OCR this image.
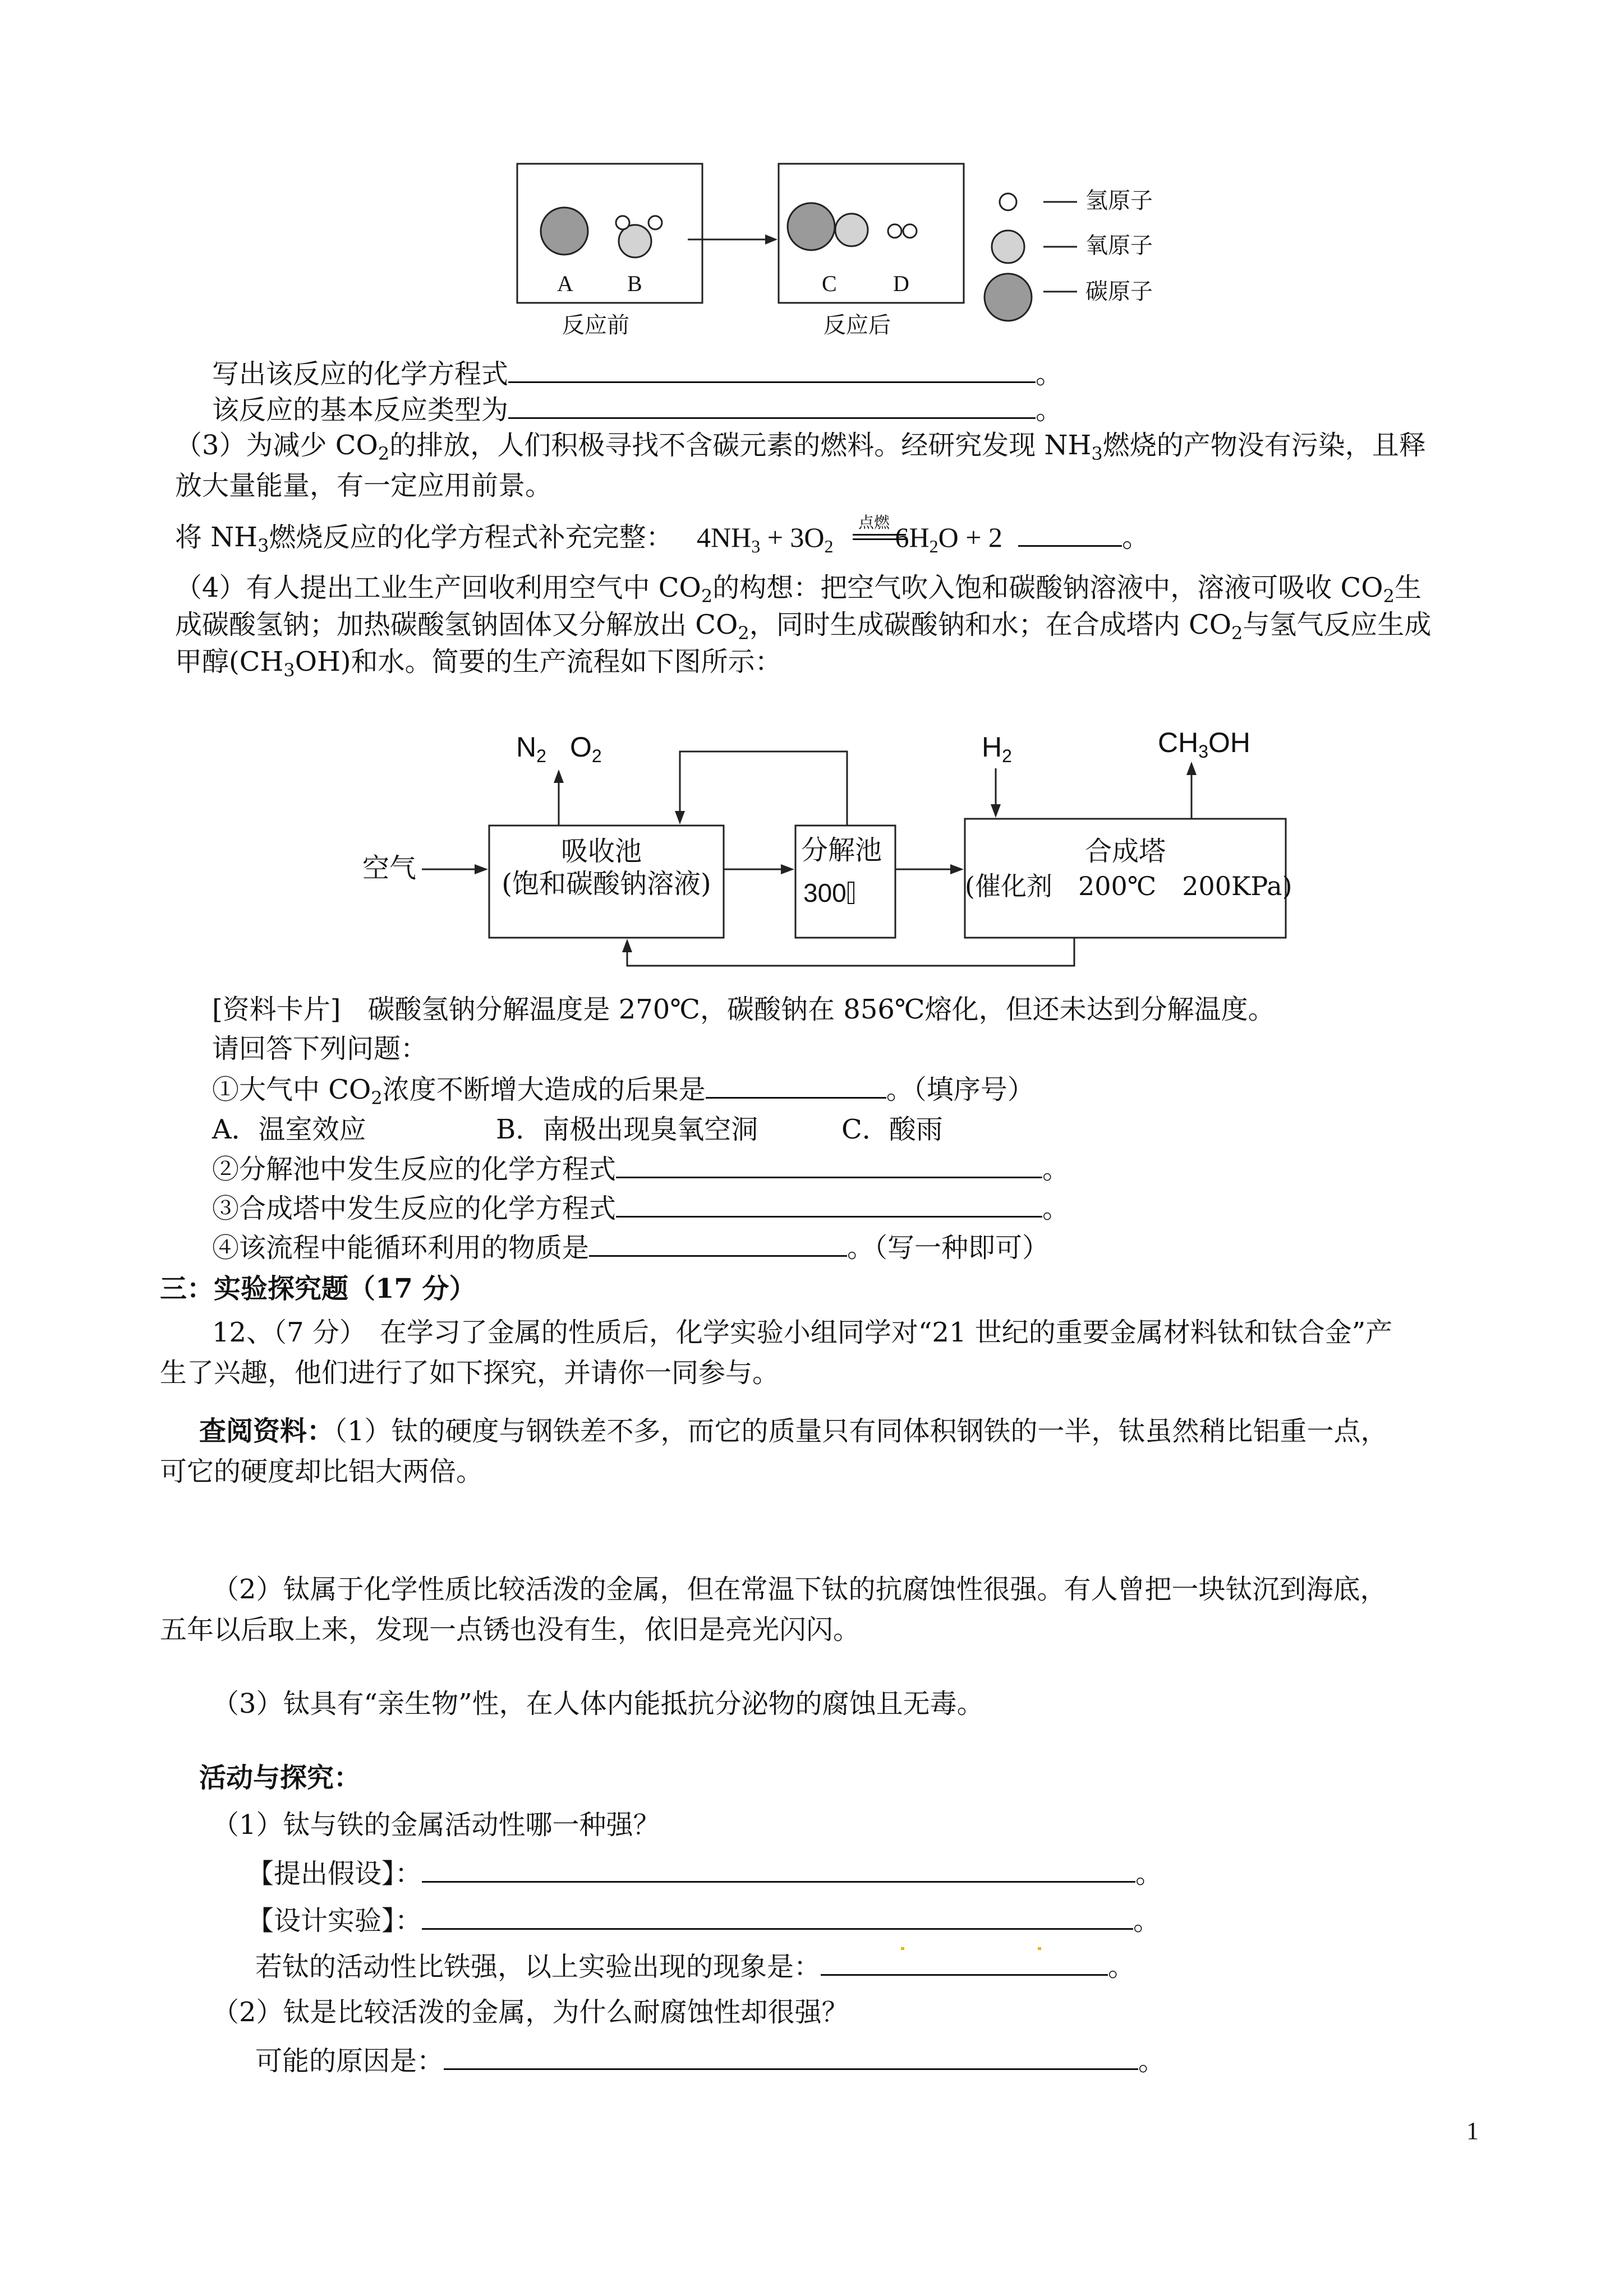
A B	C	D
反应前	反应后
氢原子
氧原子
碳原子
写出该反应的化学方程式	。
该反应的基本反应类型为	。
（3）为减少 $CO_2$的排放，人们积极寻找不含碳元素的燃料。经研究发现 $NH_3$燃烧的产物没有污染，且释
放大量能量，有一定应用前景。
将 $NH_3$燃烧反应的化学方程式补充完整： $4NH_3 + 3O_2$ $6H_2O + 2$	。
点燃
（4）有人提出工业生产回收利用空气中 $CO_2$的构想：把空气吹入饱和碳酸钠溶液中，溶液可吸收 $CO_2$生
成碳酸氢钠；加热碳酸氢钠固体又分解放出 $CO_2$，同时生成碳酸钠和水；在合成塔内 $CO_2$与氢气反应生成
甲醇$(CH_3OH)$和水。简要的生产流程如下图所示：
$N_2$ $O_2$	$H_2$	$CH_3OH$
空气
吸收池
(饱和碳酸钠溶液)
分解池
300
合成塔
(催化剂　200℃　200KPa)
[资料卡片]　碳酸氢钠分解温度是 270℃，碳酸钠在 856℃熔化，但还未达到分解温度。
请回答下列问题：
①大气中 $CO_2$浓度不断增大造成的后果是	。（填序号）
A．温室效应	B．南极出现臭氧空洞	C．酸雨
②分解池中发生反应的化学方程式	。
③合成塔中发生反应的化学方程式	。
④该流程中能循环利用的物质是	。（写一种即可）
三：实验探究题（17 分）
12、（7 分）　在学习了金属的性质后，化学实验小组同学对“21 世纪的重要金属材料钛和钛合金”产
生了兴趣，他们进行了如下探究，并请你一同参与。
查阅资料：（1）钛的硬度与钢铁差不多，而它的质量只有同体积钢铁的一半，钛虽然稍比铝重一点，
可它的硬度却比铝大两倍。
（2）钛属于化学性质比较活泼的金属，但在常温下钛的抗腐蚀性很强。有人曾把一块钛沉到海底，
五年以后取上来，发现一点锈也没有生，依旧是亮光闪闪。
（3）钛具有“亲生物”性，在人体内能抵抗分泌物的腐蚀且无毒。
活动与探究：
（1）钛与铁的金属活动性哪一种强？
【提出假设】：	。
【设计实验】：	。
若钛的活动性比铁强，以上实验出现的现象是：	。
（2）钛是比较活泼的金属，为什么耐腐蚀性却很强？
可能的原因是：	。
1
